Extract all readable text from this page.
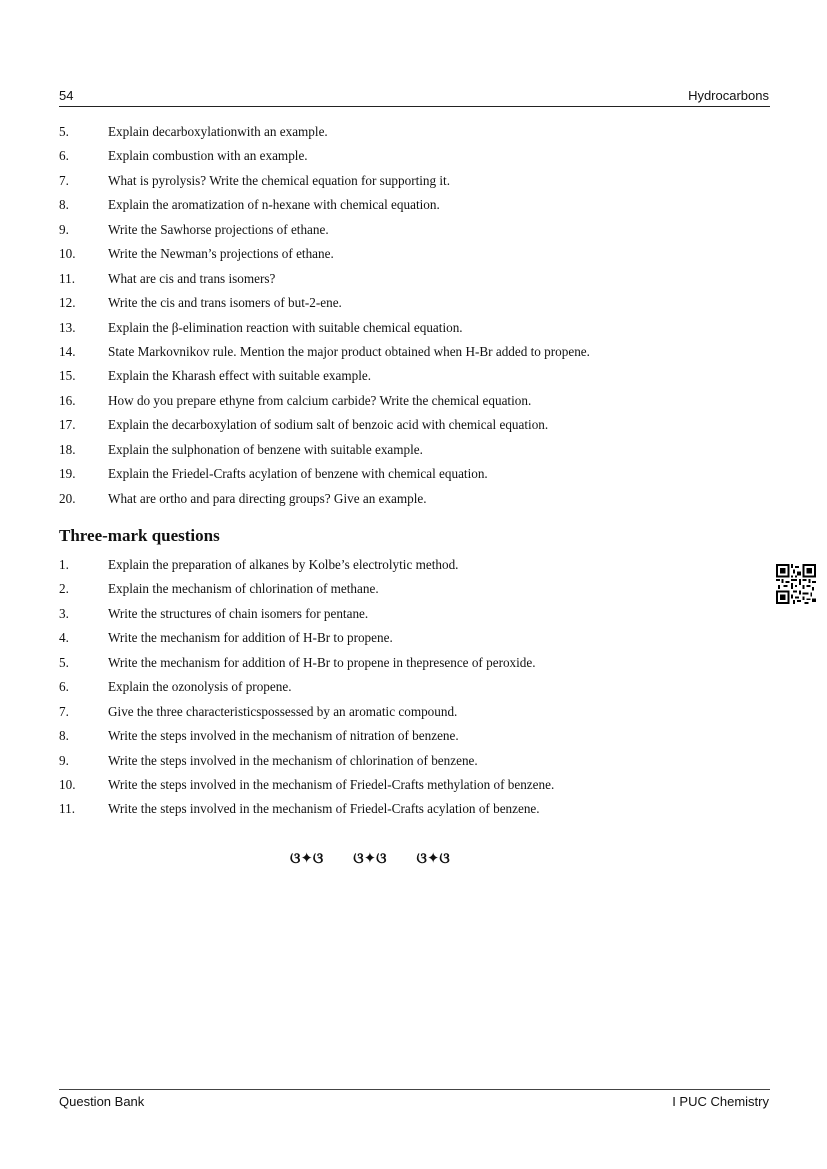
54	Hydrocarbons
5.	Explain decarboxylationwith an example.
6.	Explain combustion with an example.
7.	What is pyrolysis? Write the chemical equation for supporting it.
8.	Explain the aromatization of n-hexane with chemical equation.
9.	Write the Sawhorse projections of ethane.
10. Write the Newman’s projections of ethane.
11.	What are cis and trans isomers?
12. Write the cis and trans isomers of but-2-ene.
13. Explain the β-elimination reaction with suitable chemical equation.
14. State Markovnikov rule. Mention the major product obtained when H-Br added to propene.
15. Explain the Kharash effect with suitable example.
16. How do you prepare ethyne from calcium carbide? Write the chemical equation.
17. Explain the decarboxylation of sodium salt of benzoic acid with chemical equation.
18. Explain the sulphonation of benzene with suitable example.
19. Explain the Friedel-Crafts acylation of benzene with chemical equation.
20. What are ortho and para directing groups? Give an example.
Three-mark questions
1.	Explain the preparation of alkanes by Kolbe’s electrolytic method.
2.	Explain the mechanism of chlorination of methane.
3.	Write the structures of chain isomers for pentane.
4.	Write the mechanism for addition of H-Br to propene.
5.	Write the mechanism for addition of H-Br to propene in thepresence of peroxide.
6.	Explain the ozonolysis of propene.
7.	Give the three characteristicspossessed by an aromatic compound.
8.	Write the steps involved in the mechanism of nitration of benzene.
9.	Write the steps involved in the mechanism of chlorination of benzene.
10. Write the steps involved in the mechanism of Friedel-Crafts methylation of benzene.
11.	Write the steps involved in the mechanism of Friedel-Crafts acylation of benzene.
ଓ✦ଓ ଓ✦ଓ ଓ✦ଓ
Question Bank	I PUC Chemistry
